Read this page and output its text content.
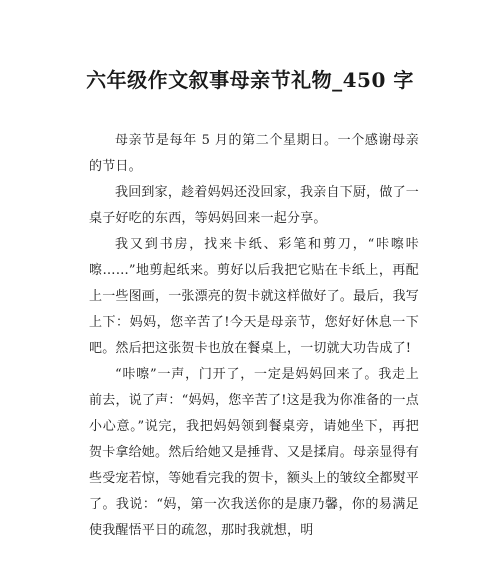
六年级作文叙事母亲节礼物_450 字

母亲节是每年 5 月的第二个星期日。一个感谢母亲的节日。

我回到家，趁着妈妈还没回家，我亲自下厨，做了一桌子好吃的东西，等妈妈回来一起分享。

我又到书房，找来卡纸、彩笔和剪刀，“咔嚓咔嚓……”地剪起纸来。剪好以后我把它贴在卡纸上，再配上一些图画，一张漂亮的贺卡就这样做好了。最后，我写上下：妈妈，您辛苦了!今天是母亲节，您好好休息一下吧。然后把这张贺卡也放在餐桌上，一切就大功告成了!

“咔嚓”一声，门开了，一定是妈妈回来了。我走上前去，说了声：“妈妈，您辛苦了!这是我为你准备的一点小心意。”说完，我把妈妈领到餐桌旁，请她坐下，再把贺卡拿给她。然后给她又是捶背、又是揉肩。母亲显得有些受宠若惊，等她看完我的贺卡，额头上的皱纹全都熨平了。我说：“妈，第一次我送你的是康乃馨，你的易满足使我醒悟平日的疏忽，那时我就想，明
